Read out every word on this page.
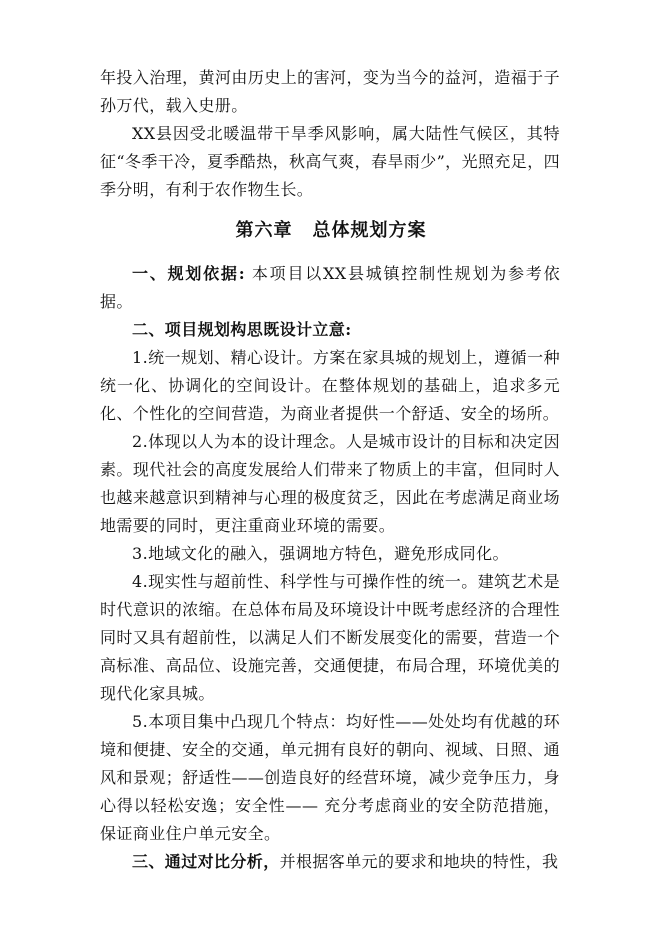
年投入治理，黄河由历史上的害河，变为当今的益河，造福于子孙万代，载入史册。

XX县因受北暖温带干旱季风影响，属大陆性气候区，其特征“冬季干冷，夏季酷热，秋高气爽，春旱雨少”，光照充足，四季分明，有利于农作物生长。

第六章 总体规划方案

一、规划依据: 本项目以XX县城镇控制性规划为参考依据。

二、项目规划构思既设计立意:

1.统一规划、精心设计。方案在家具城的规划上，遵循一种统一化、协调化的空间设计。在整体规划的基础上，追求多元化、个性化的空间营造，为商业者提供一个舒适、安全的场所。

2.体现以人为本的设计理念。人是城市设计的目标和决定因素。现代社会的高度发展给人们带来了物质上的丰富，但同时人也越来越意识到精神与心理的极度贫乏，因此在考虑满足商业场地需要的同时，更注重商业环境的需要。

3.地域文化的融入，强调地方特色，避免形成同化。

4.现实性与超前性、科学性与可操作性的统一。建筑艺术是时代意识的浓缩。在总体布局及环境设计中既考虑经济的合理性同时又具有超前性，以满足人们不断发展变化的需要，营造一个高标准、高品位、设施完善，交通便捷，布局合理，环境优美的现代化家具城。

5.本项目集中凸现几个特点：均好性——处处均有优越的环境和便捷、安全的交通，单元拥有良好的朝向、视域、日照、通风和景观；舒适性——创造良好的经营环境，减少竞争压力，身心得以轻松安逸；安全性—— 充分考虑商业的安全防范措施，保证商业住户单元安全。

三、通过对比分析，并根据客单元的要求和地块的特性，我
